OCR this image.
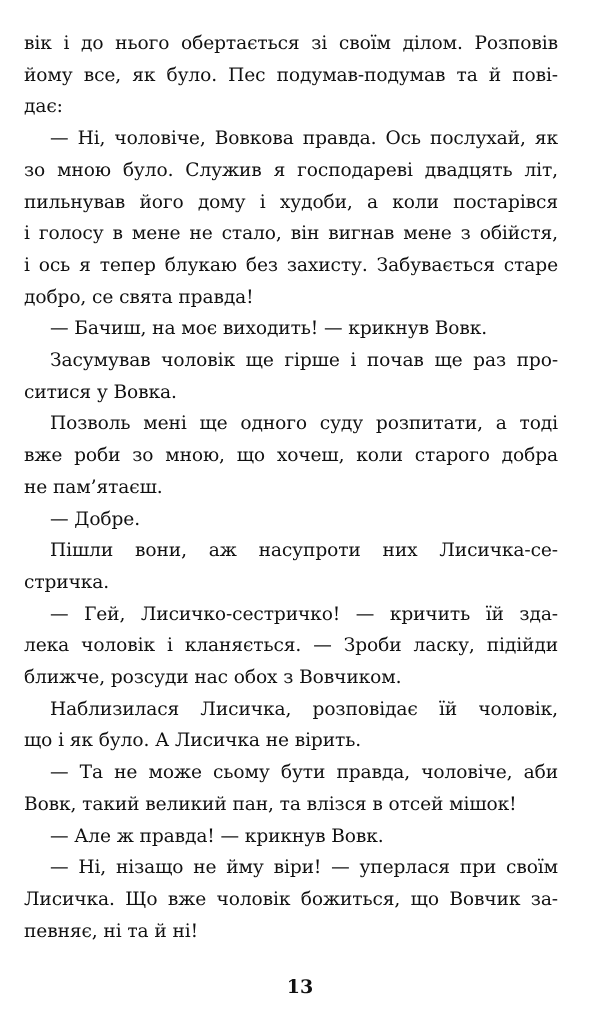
вік і до нього обертається зі своїм ділом. Розповів
йому все, як було. Пес подумав-подумав та й пові-
дає:
— Ні, чоловіче, Вовкова правда. Ось послухай, як
зо мною було. Служив я господареві двадцять літ,
пильнував його дому і худоби, а коли постарівся
і голосу в мене не стало, він вигнав мене з обійстя,
і ось я тепер блукаю без захисту. Забувається старе
добро, се свята правда!
— Бачиш, на моє виходить! — крикнув Вовк.
Засумував чоловік ще гірше і почав ще раз про-
ситися у Вовка.
Позволь мені ще одного суду розпитати, а тоді
вже роби зо мною, що хочеш, коли старого добра
не пам’ятаєш.
— Добре.
Пішли вони, аж насупроти них Лисичка-се-
стричка.
— Гей, Лисичко-сестричко! — кричить їй зда-
лека чоловік і кланяється. — Зроби ласку, підійди
ближче, розсуди нас обох з Вовчиком.
Наблизилася Лисичка, розповідає їй чоловік,
що і як було. А Лисичка не вірить.
— Та не може сьому бути правда, чоловіче, аби
Вовк, такий великий пан, та влізся в отсей мішок!
— Але ж правда! — крикнув Вовк.
— Ні, нізащо не йму віри! — уперлася при своїм
Лисичка. Що вже чоловік божиться, що Вовчик за-
певняє, ні та й ні!
13
